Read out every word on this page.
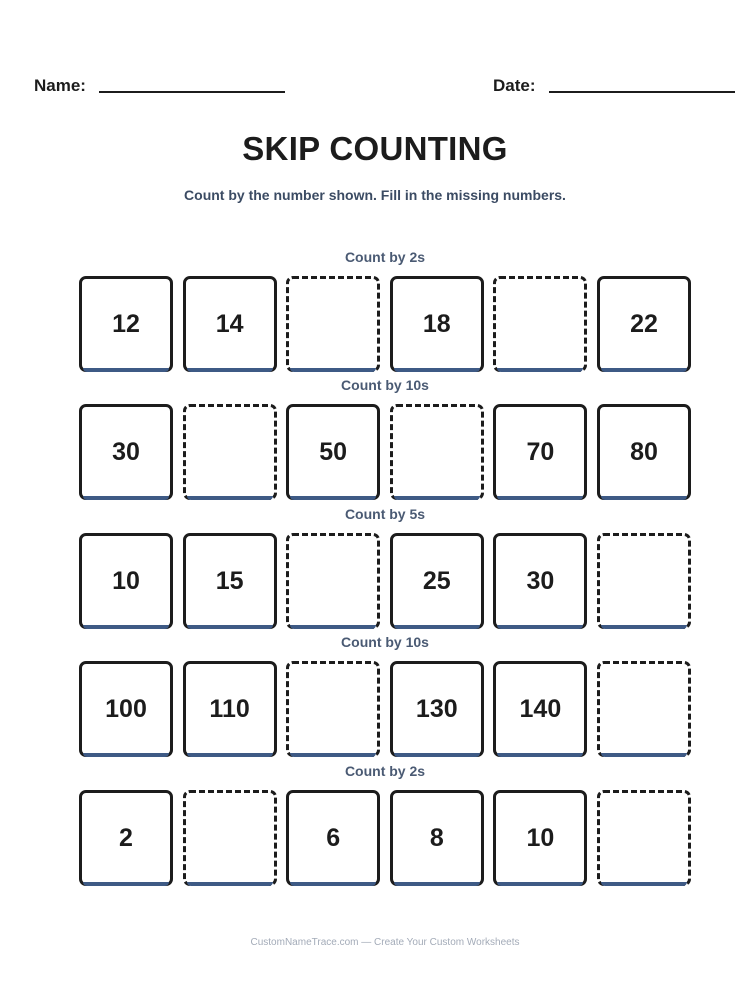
Name:	Date:
SKIP COUNTING
Count by the number shown. Fill in the missing numbers.
Count by 2s
12	14	18	22
Count by 10s
30	50	70	80
Count by 5s
10	15	25	30
Count by 10s
100	110	130	140
Count by 2s
2	6	8	10
CustomNameTrace.com — Create Your Custom Worksheets
